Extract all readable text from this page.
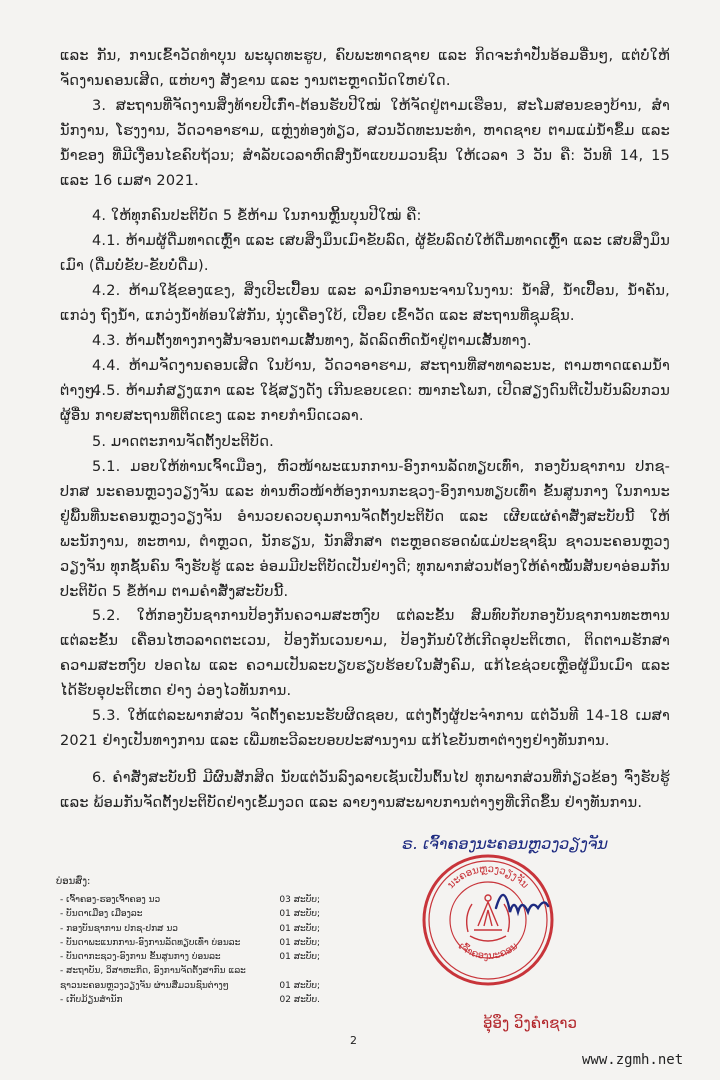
ແລະ ກັນ, ການເຂົ້າວັດທຳບຸນ ພະພຸດທະຮູບ, ຄົບພະທາດຊາຍ ແລະ ກິດຈະກໍາປັ່ນອ້ອມອື່ນໆ, ແຕ່ບໍ່ໃຫ້ຈັດງານຄອນເສີດ, ແຫ່ບາງ ສັງຂານ ແລະ ງານຕະຫຼາດນັດໃຫຍ່ໃດ.

3. ສະຖານທີ່ຈັດງານສິ່ງທ້າຍປີເກົ່າ-ຕ້ອນຮັບປີໃໝ່ ໃຫ້ຈັດຢູ່ຕາມເຮືອນ, ສະໂມສອນຂອງບ້ານ, ສໍານັກງານ, ໂຮງງານ, ວັດວາອາຮາມ, ແຫຼ່ງທ່ອງທ່ຽວ, ສວນວັດທະນະທໍາ, ຫາດຊາຍ ຕາມແມ່ນໍ້າຂຶ້ມ ແລະ ນໍ້າຂອງ ທີ່ມີເງື່ອນໄຂຄົບຖ້ວນ; ສໍາລັບເວລາຫົດສົງນໍ້າແບບມວນຊົນ ໃຫ້ເວລາ 3 ວັນ ຄື: ວັນທີ 14, 15 ແລະ 16 ເມສາ 2021.

4. ໃຫ້ທຸກຄົນປະຕິບັດ 5 ຂໍ້ຫ້າມ ໃນການຫຼິ້ນບຸນປີໃໝ່ ຄື:

4.1. ຫ້າມຜູ້ດື່ມທາດເຫຼົ້າ ແລະ ເສບສິ່ງມຶນເມົາຂັບລົດ, ຜູ້ຂັບລົດບໍ່ໃຫ້ດື່ມທາດເຫຼົ້າ ແລະ ເສບສິ່ງມຶນເມົາ (ດື່ມບໍ່ຂັບ-ຂັບບໍ່ດື່ມ).

4.2. ຫ້າມໃຊ້ຂອງແຂງ, ສິ່ງເປິະເປື້ອນ ແລະ ລາມົກອານະຈານໃນງານ: ນໍ້າສີ, ນໍ້າເປື້ອນ, ນໍ້າຄັນ, ແກວ່ງ ຖົງນໍ້າ, ແກວ່ງນໍ້າທ້ອນໃສ່ກັນ, ນຸ່ງເຄື່ອງໃບ້, ເປືອຍ ເຂົ້າວັດ ແລະ ສະຖານທີ່ຊຸມຊົນ.

4.3. ຫ້າມຕັ້ງທາງກາງສັນຈອນຕາມເສັ້ນທາງ, ລັດລົດຫົດນໍ້າຢູ່ຕາມເສັ້ນທາງ.

4.4. ຫ້າມຈັດງານຄອນເສີດ ໃນບ້ານ, ວັດວາອາຮາມ, ສະຖານທີ່ສາທາລະນະ, ຕາມຫາດແຄມນໍ້າຕ່າງໆ.

4.5. ຫ້າມກໍ່ສຽງແກາ ແລະ ໃຊ້ສຽງດັງ ເກີນຂອບເຂດ: ໜາກະໂພກ, ເປີດສຽງດົນຕີເປັນບັນລົບກວນຜູ້ອື່ນ ກາຍສະຖານທີ່ຕິດເຂງ ແລະ ກາຍກໍານົດເວລາ.

5. ມາດຕະການຈັດຕັ້ງປະຕິບັດ.

5.1. ມອບໃຫ້ທ່ານເຈົ້າເມືອງ, ຫົວໜ້າພະແນກການ-ອົງການລັດທຽບເທົ່າ, ກອງບັນຊາການ ປກຊ-ປກສ ນະຄອນຫຼວງວຽງຈັນ ແລະ ທ່ານຫົວໜ້າຫ້ອງການກະຊວງ-ອົງການທຽບເທົ່າ ຂັ້ນສູນກາງ ໃນການະຢູ່ພື້ນທີ່ນະຄອນຫຼວງວຽງຈັນ ອໍານວຍຄວບຄຸມການຈັດຕັ້ງປະຕິບັດ ແລະ ເຜີຍແຜ່ຄໍາສັ່ງສະບັບນີ້ ໃຫ້ພະນັກງານ, ທະຫານ, ຕໍາຫຼວດ, ນັກຮຽນ, ນັກສຶກສາ ຕະຫຼອດຮອດພໍ່ແມ່ປະຊາຊົນ ຊາວນະຄອນຫຼວງວຽງຈັນ ທຸກຊັ້ນຄົນ ຈົ່ງຮັບຮູ້ ແລະ ອ່ອມມີປະຕິບັດເປັນຢ່າງດີ; ທຸກພາກສ່ວນຕ້ອງໃຫ້ຄໍາໝັ້ນສັນຍາອ່ອມກັນປະຕິບັດ 5 ຂໍ້ຫ້າມ ຕາມຄໍາສັ່ງສະບັບນີ້.

5.2. ໃຫ້ກອງບັນຊາການປ້ອງກັນຄວາມສະຫງົບ ແຕ່ລະຂັ້ນ ສົມທົບກັບກອງບັນຊາການທະຫານ ແຕ່ລະຂັ້ນ ເຄື່ອນໄຫວລາດຕະເວນ, ປ້ອງກັນເວນຍາມ, ປ້ອງກັນບໍ່ໃຫ້ເກີດອຸປະຕິເຫດ, ຕິດຕາມຮັກສາຄວາມສະຫງົບ ປອດໄພ ແລະ ຄວາມເປັນລະບຽບຮຽບຮ້ອຍໃນສັງຄົມ, ແກ້ໄຂຊ່ວຍເຫຼືອຜູ້ມຶນເມົາ ແລະ ໄດ້ຮັບອຸປະຕິເຫດ ຢ່າງ ວ່ອງໄວທັນການ.

5.3. ໃຫ້ແຕ່ລະພາກສ່ວນ ຈັດຕັ້ງຄະນະຮັບຜິດຊອບ, ແຕ່ງຕັ້ງຜູ້ປະຈໍາການ ແຕ່ວັນທີ 14-18 ເມສາ 2021 ຢ່າງເປັນທາງການ ແລະ ເພີ່ມທະວີລະບອບປະສານງານ ແກ້ໄຂບັນຫາຕ່າງໆຢ່າງທັນການ.

6. ຄໍາສັ່ງສະບັບນີ້ ມີຜົນສັກສິດ ນັບແຕ່ວັນລົງລາຍເຊັນເປັນຕົ້ນໄປ ທຸກພາກສ່ວນທີ່ກ່ຽວຂ້ອງ ຈົ່ງຮັບຮູ້ ແລະ ພ້ອມກັນຈັດຕັ້ງປະຕິບັດຢ່າງເຂັ້ມງວດ ແລະ ລາຍງານສະພາບການຕ່າງໆທີ່ເກີດຂຶ້ນ ຢ່າງທັນການ.

ຣ. ເຈົ້າຄອງນະຄອນຫຼວງວຽງຈັນ
ນະຄອນຫຼວງວຽງຈັນ
ເຈົ້າຄອງນະຄອນ
ອຸ້ອຶງ ວິງຄໍາຊາວ
ບ່ອນສົ່ງ:
- ເຈົ້າຄອງ-ຮອງເຈົ້າຄອງ ນວ	03 ສະບັບ;
- ບັນດາເມືອງ ເມືອງລະ	01 ສະບັບ;
- ກອງບັນຊາການ ປກຊ-ປກສ ນວ	01 ສະບັບ;
- ບັນດາພະແນກການ-ອົງການລັດທຽບເທົ່າ ບ່ອນລະ	01 ສະບັບ;
- ບັນດາກະຊວງ-ອົງການ ຂັ້ນສູນກາງ ບ່ອນລະ	01 ສະບັບ;
- ສະຖາບັນ, ວິສາຫະກິດ, ອົງການຈັດຕັ້ງສາກົນ ແລະ
ຊາວນະຄອນຫຼວງວຽງຈັນ ຜ່ານສື່ມວນຊົນຕ່າງໆ	01 ສະບັບ;
- ເກັບມ້ຽນສໍານັກ	02 ສະບັບ.
2
www.zgmh.net
